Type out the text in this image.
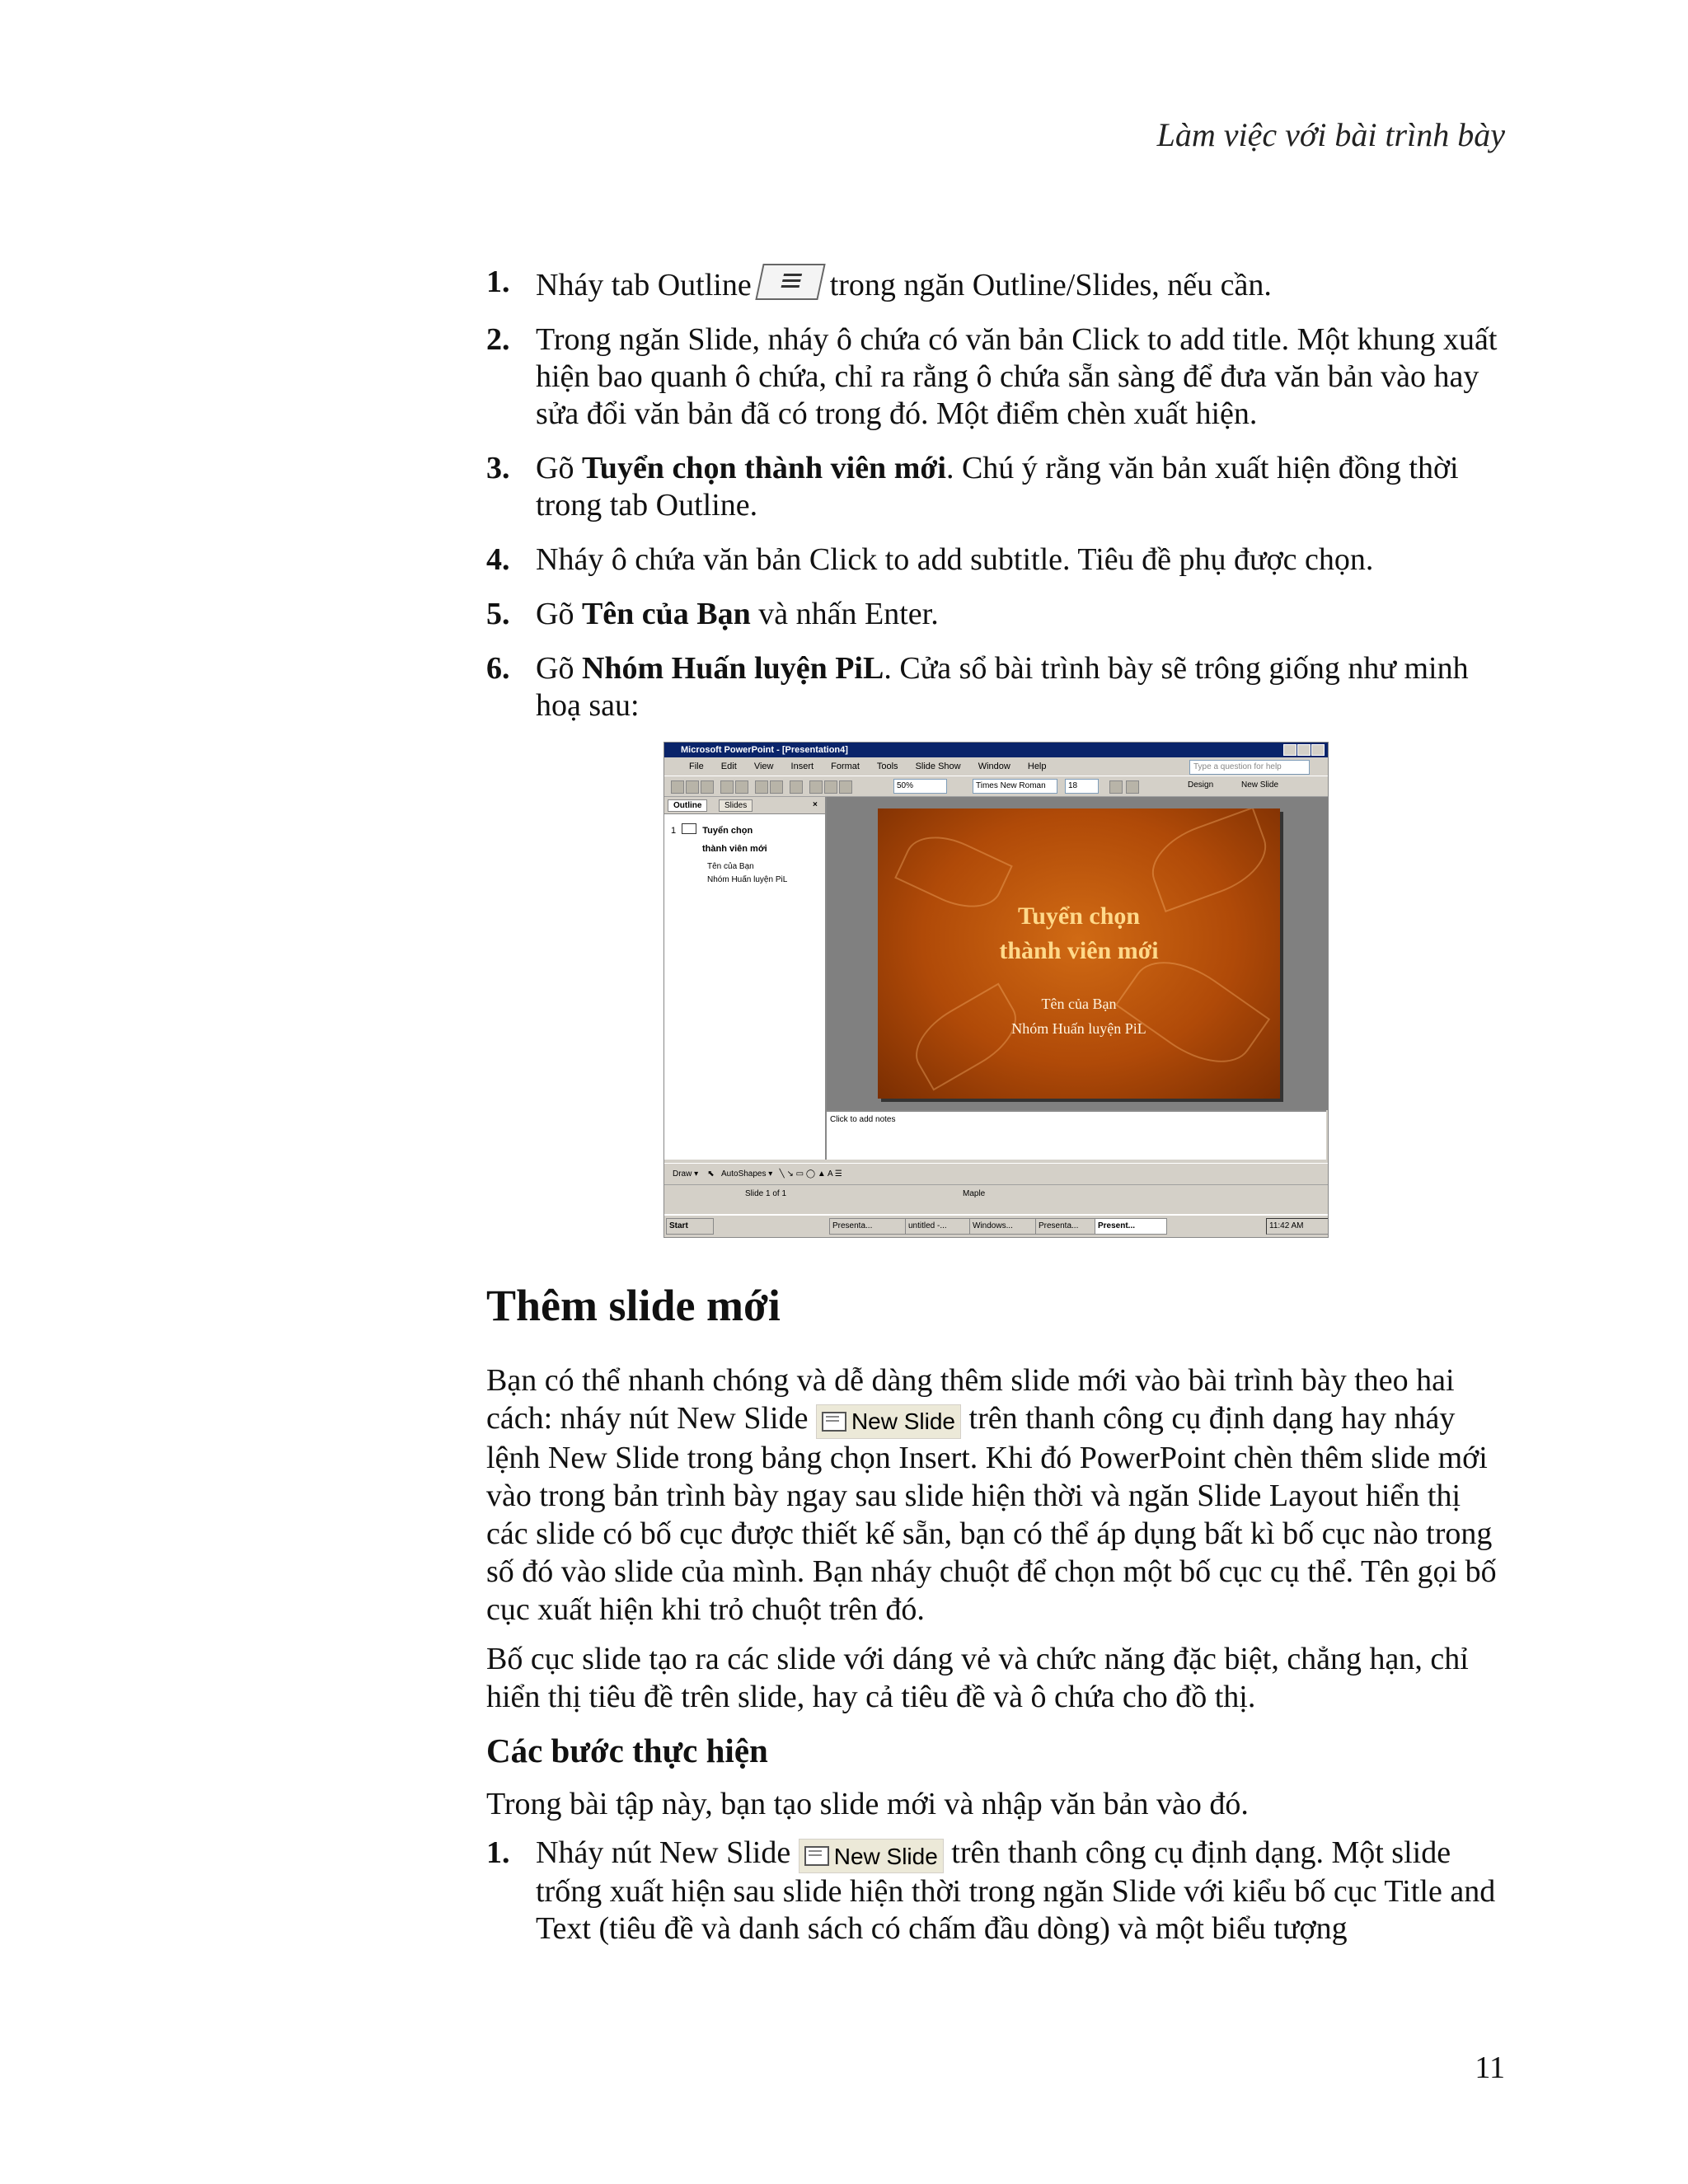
Làm việc với bài trình bày
1. Nháy tab Outline	trong ngăn Outline/Slides, nếu cần.
2. Trong ngăn Slide, nháy ô chứa có văn bản Click to add title. Một khung xuất hiện bao quanh ô chứa, chỉ ra rằng ô chứa sẵn sàng để đưa văn bản vào hay sửa đổi văn bản đã có trong đó. Một điểm chèn xuất hiện.
3. Gõ Tuyển chọn thành viên mới. Chú ý rằng văn bản xuất hiện đồng thời trong tab Outline.
4. Nháy ô chứa văn bản Click to add subtitle. Tiêu đề phụ được chọn.
5. Gõ Tên của Bạn và nhấn Enter.
6. Gõ Nhóm Huấn luyện PiL. Cửa sổ bài trình bày sẽ trông giống như minh hoạ sau:
Microsoft PowerPoint - [Presentation4]
File Edit View Insert Format Tools Slide Show Window Help	Type a question for help
50%	Times New Roman	18	Design	New Slide
Outline	Slides	×
1	Tuyển chọn
thành viên mới
Tên của Bạn
Nhóm Huấn luyện PiL
Tuyển chọn
thành viên mới
Tên của Bạn
Nhóm Huấn luyện PiL
Click to add notes
Draw ▾ ⬉ AutoShapes ▾ ╲ ↘ ▭ ◯ ▲ A ☰
Slide 1 of 1	Maple
Start	Presenta...	untitled -...	Windows...	Presenta...	Present...	11:42 AM
Thêm slide mới

Bạn có thể nhanh chóng và dễ dàng thêm slide mới vào bài trình bày theo hai cách: nháy nút New Slide New Slide trên thanh công cụ định dạng hay nháy lệnh New Slide trong bảng chọn Insert. Khi đó PowerPoint chèn thêm slide mới vào trong bản trình bày ngay sau slide hiện thời và ngăn Slide Layout hiển thị các slide có bố cục được thiết kế sẵn, bạn có thể áp dụng bất kì bố cục nào trong số đó vào slide của mình. Bạn nháy chuột để chọn một bố cục cụ thể. Tên gọi bố cục xuất hiện khi trỏ chuột trên đó.

Bố cục slide tạo ra các slide với dáng vẻ và chức năng đặc biệt, chẳng hạn, chỉ hiển thị tiêu đề trên slide, hay cả tiêu đề và ô chứa cho đồ thị.

Các bước thực hiện

Trong bài tập này, bạn tạo slide mới và nhập văn bản vào đó.

1. Nháy nút New Slide New Slide trên thanh công cụ định dạng. Một slide trống xuất hiện sau slide hiện thời trong ngăn Slide với kiểu bố cục Title and Text (tiêu đề và danh sách có chấm đầu dòng) và một biểu tượng
11
